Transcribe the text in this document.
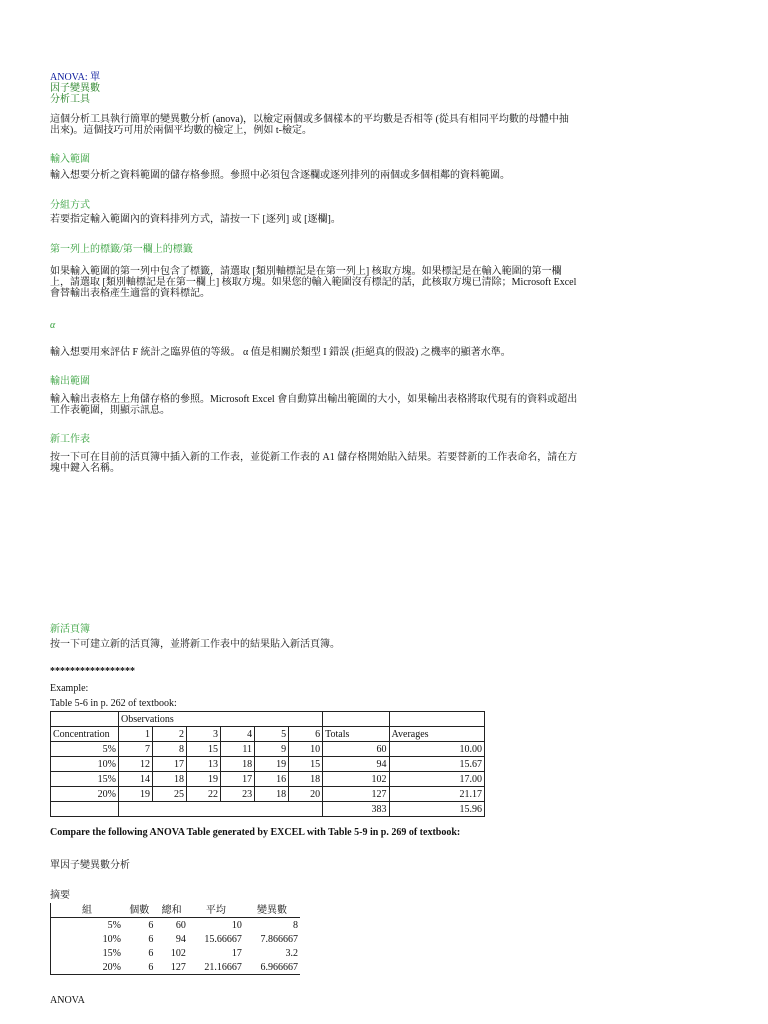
ANOVA: 單

因子變異數

分析工具

這個分析工具執行簡單的變異數分析 (anova)，以檢定兩個或多個樣本的平均數是否相等 (從具有相同平均數的母體中抽出來)。這個技巧可用於兩個平均數的檢定上，例如 t-檢定。

輸入範圍

輸入想要分析之資料範圍的儲存格參照。參照中必須包含逐欄或逐列排列的兩個或多個相鄰的資料範圍。

分組方式

若要指定輸入範圍內的資料排列方式，請按一下 [逐列] 或 [逐欄]。

第一列上的標籤/第一欄上的標籤

如果輸入範圍的第一列中包含了標籤，請選取 [類別軸標記是在第一列上] 核取方塊。如果標記是在輸入範圍的第一欄上，請選取 [類別軸標記是在第一欄上] 核取方塊。如果您的輸入範圍沒有標記的話，此核取方塊已清除；Microsoft Excel 會替輸出表格產生適當的資料標記。

α

輸入想要用來評估 F 統計之臨界值的等級。 α 值是相關於類型 I 錯誤 (拒絕真的假設) 之機率的顯著水準。

輸出範圍

輸入輸出表格左上角儲存格的參照。Microsoft Excel 會自動算出輸出範圍的大小，如果輸出表格將取代現有的資料或超出工作表範圍，則顯示訊息。

新工作表

按一下可在目前的活頁簿中插入新的工作表，並從新工作表的 A1 儲存格開始貼入結果。若要替新的工作表命名，請在方塊中鍵入名稱。

新活頁簿

按一下可建立新的活頁簿，並將新工作表中的結果貼入新活頁簿。

*****************

Example:

Table 5-6 in p. 262 of textbook:

	Observations							
Concentration	1	2	3	4	5	6	Totals	Averages
5%	7	8	15	11	9	10	60	10.00
10%	12	17	13	18	19	15	94	15.67
15%	14	18	19	17	16	18	102	17.00
20%	19	25	22	23	18	20	127	21.17
							383	15.96

Compare the following ANOVA Table generated by EXCEL with Table 5-9 in p. 269 of textbook:

單因子變異數分析

摘要

組	個數	總和	平均	變異數
5%	6	60	10	8
10%	6	94	15.66667	7.866667
15%	6	102	17	3.2
20%	6	127	21.16667	6.966667

ANOVA
